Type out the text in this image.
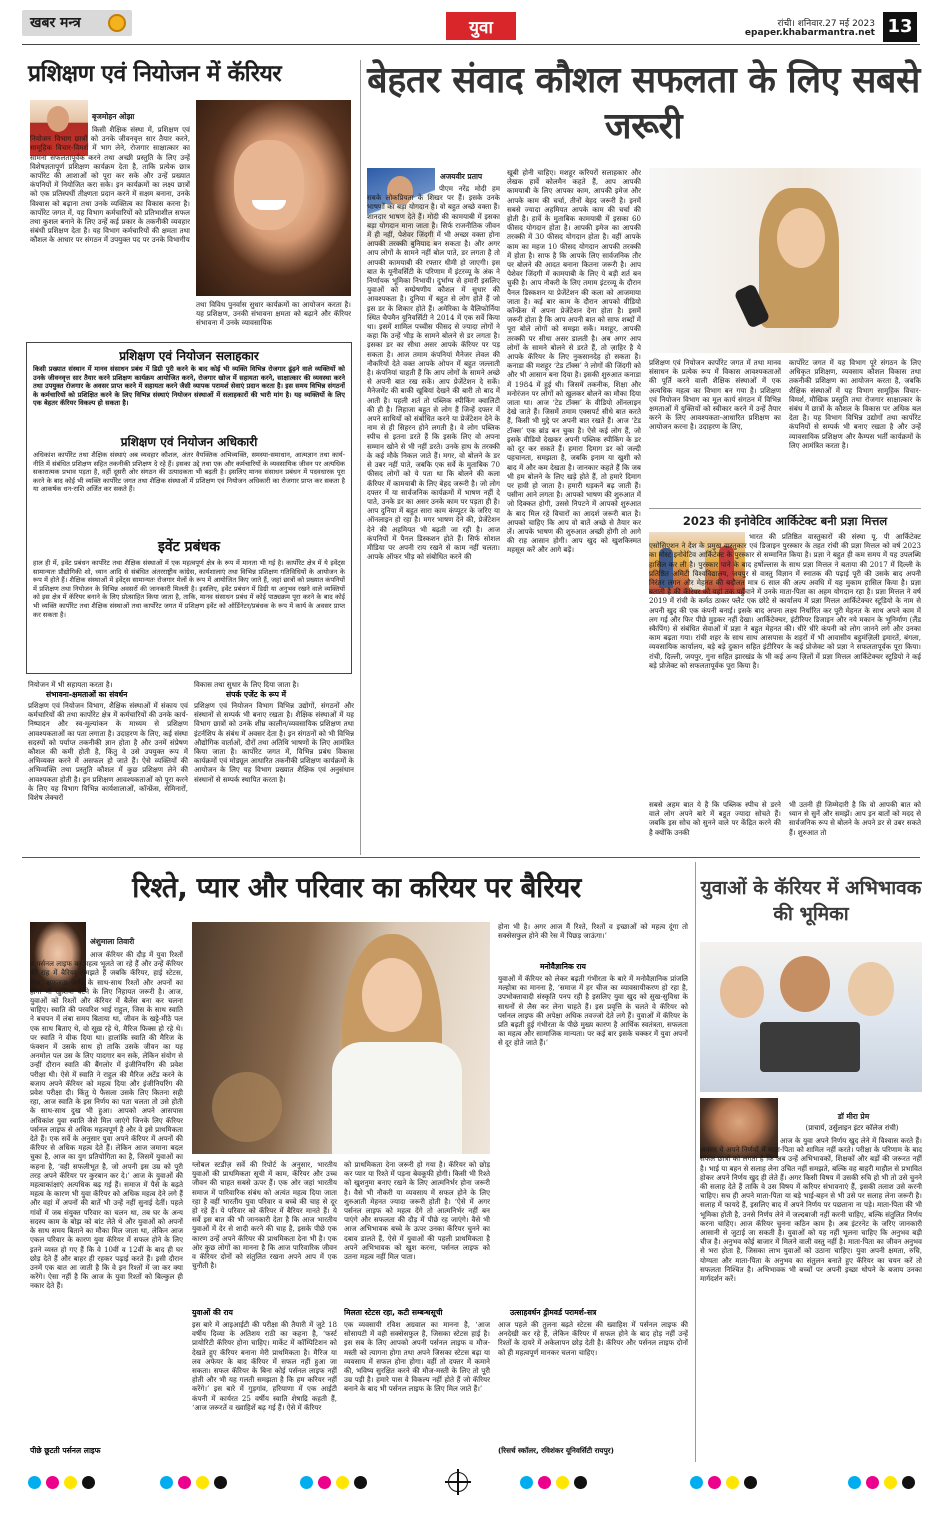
खबर मन्त्र	युवा	रांची। शनिवार.27 मई 2023
epaper.khabarmantra.net 13
प्रशिक्षण एवं नियोजन में कॅरियर
बृजमोहन ओझा
किसी शैक्षिक संस्था में, प्रशिक्षण एवं नियोजन विभाग छात्रों को उनके जीवनवृत्त सार तैयार करने, सामूहिक विचार-विमर्श में भाग लेने, रोजगार साक्षात्कार का सामना सफलतापूर्वक करने तथा अच्छी प्रस्तुति के लिए उन्हें विशेषज्ञतापूर्ण प्रशिक्षण कार्यक्रम देता है, ताकि प्रत्येक छात्र कार्पोरेट की आशाओं को पूरा कर सके और उन्हें प्रख्यात कंपनियों में नियोजित करा सके। इन कार्यक्रमों का लक्ष्य छात्रों को एक प्रतिस्पर्धी तीक्ष्णता प्रदान करने में सक्षम बनाना, उनके विश्वास को बढ़ाना तथा उनके व्यक्तित्व का विकास करना है। कार्पोरेट जगत में, यह विभाग कर्मचारियों को प्रतिभाशील सफल तथा कुशल बनाने के लिए उन्हें कई प्रकार के तकनीकी व्यवहार संबंधी प्रशिक्षण देता है। यह विभाग कर्मचारियों की क्षमता तथा कौशल के आधार पर संगठन में उपयुक्त पद पर उनके विभागीय
तथा विविध पुनर्वास सुधार कार्यक्रमों का आयोजन करता है। यह प्रशिक्षण, उनकी संभावना क्षमता को बढ़ाने और कॅरियर संभावना में उनके व्यावसायिक
प्रशिक्षण एवं नियोजन सलाहकार
किसी प्रख्यात संस्थान में मानव संसाधन प्रबंध में डिग्री पूरी करने के बाद कोई भी व्यक्ति विभिन्न रोजगार ढूंढ़ने वाले व्यक्तियों को उनके जीवनवृत्त सार तैयार करने प्रशिक्षण कार्यक्रम आयोजित करने, रोजगार खोज में सहायता करने, साक्षात्कार की व्यवस्था करने तथा उपयुक्त रोजगार के अवसर प्राप्त करने में सहायता करने जैसी व्यापक परामर्श सेवाएं प्रदान करता है। इस समय विभिन्न संगठनों के कर्मचारियों को प्रशिक्षित करने के लिए विभिन्न संस्थाएं नियोजन संस्थाओं में सलाहकारों की भारी मांग है। यह व्यक्तियों के लिए एक बेहतर कॅरियर विकल्प हो सकता है।
प्रशिक्षण एवं नियोजन अधिकारी
अधिकांश कार्पोरेट तथा शैक्षिक संस्थाएं अब व्यवहार कौशल, अंतर वैयक्तिक अभिव्यक्ति, समस्या-समाधान, आत्मज्ञान तथा कार्य-नीति में संबंधित प्रशिक्षण सहित तकनीकी प्रशिक्षण दे रहे हैं। इसका उद्दे तथा एक और कर्मचारियों के व्यवसायिक जीवन पर अत्यधिक सकारात्मक प्रभाव पड़ता है, वहीं दूसरी ओर संगठन की उत्पादकता भी बढ़ती है। इसलिए मानव संसाधन प्रबंधन में पदवधारक पूरा करने के बाद कोई भी व्यक्ति कार्पोरेट जगत तथा शैक्षिक संस्थाओं में प्रशिक्षण एवं नियोजन अधिकारी का रोजगार प्राप्त कर सकता है या आकर्षक धन-राशि अर्जित कर सकते हैं।
इवेंट प्रबंधक
हाल ही में, इवेंट प्रबंधन कार्पोरेट तथा शैक्षिक संस्थाओं में एक महत्वपूर्ण क्षेत्र के रूप में मानता भी गई है। कार्पोरेट क्षेत्र में ये इवेंट्स सामान्यतः प्रौद्योगिकी शो, ध्यान आदि से संबंधित अंतरराष्ट्रीय कांग्रेस, कार्यशालाएं तथा विभिन्न प्रशिक्षण गतिविधियों के आयोजन के रूप में होते हैं। शैक्षिक संस्थाओं में इवेंट्स सामान्यतः रोजगार मेलों के रूप में आयोजित किए जाते हैं, जहां छात्रों को प्रख्यात कंपनियों में प्रशिक्षण तथा नियोजन के विभिन्न अवसरों की जानकारी मिलती है। इसलिए, इवेंट प्रबंधन में डिग्री या अनुभव रखने वाले व्यक्तियों को इस क्षेत्र में कॅरियर बनाने के लिए प्रोत्साहित किया जाता है, ताकि, मानव संसाधन प्रबंध में कोई पाठ्यक्रम पूरा करने के बाद कोई भी व्यक्ति कार्पोरेट तथा शैक्षिक संस्थाओं तथा कार्पोरेट जगत में प्रशिक्षण इवेंट को ऑर्डिनेटर/प्रबंधक के रूप में कार्य के अवसर प्राप्त कर सकता है।
नियोजन में भी सहायता करता है।
संभावना-क्षमताओं का संवर्धन
प्रशिक्षण एवं नियोजन विभाग, शैक्षिक संस्थाओं में संकाय एवं कर्मचारियों की तथा कार्पोरेट क्षेत्र में कर्मचारियों की उनके कार्य-निष्पादन और स्व-मूल्यांकन के माध्यम से प्रशिक्षण आवश्यकताओं का पता लगाता है। उदाहरण के लिए, कई संस्था सदस्यों को पर्याप्त तकनीकी ज्ञान होता है और उनमें संप्रेषण कौशल की कमी होती है, किंतु वे उसे उपयुक्त रूप में अभिव्यक्त करने में असफल हो जाते हैं। ऐसे व्यक्तियों की अभिव्यक्ति तथा प्रस्तुति कौशल में कुछ प्रशिक्षण लेने की आवश्यकता होती है। इन प्रशिक्षण आवश्यकताओं को पूरा करने के लिए यह विभाग विभिन्न कार्यशालाओं, कॉन्फ्रेंस, सेमिनारों, विशेष लेक्चरों
विकास तथा सुधार के लिए दिया जाता है।
संपर्क एजेंट के रूप में
प्रशिक्षण एवं नियोजन विभाग विभिन्न उद्योगों, संगठनों और संस्थानों से सम्पर्क भी बनाए रखता है। शैक्षिक संस्थाओं में यह विभाग छात्रों को उनके शीघ्र कालीन/व्यवसायिक प्रशिक्षण तथा इंटर्नशिप के संबंध में अवसर देता है। इन संगठनों को भी विभिन्न औद्योगिक वार्ताओं, दौरों तथा अतिथि भाषणों के लिए आमंत्रित किया जाता है। कार्पोरेट जगत में, विभिन्न प्रबंध विकास कार्यक्रमों एवं मोड्यूल आधारित तकनीकी प्रशिक्षण कार्यक्रमों के आयोजन के लिए यह विभाग प्रख्यात शैक्षिक एवं अनुसंधान संस्थानों से सम्पर्क स्थापित करता है।
बेहतर संवाद कौशल सफलता के लिए सबसे जरूरी
अजयवीर प्रताप
पीएम नरेंद्र मोदी हम सबके लोकप्रियता के शिखर पर हैं। इसके उनके भाषणों का बड़ा योगदान है। वो बहुत अच्छे वक्ता हैं। शानदार भाषण देते हैं। मोदी की कामयाबी में इसका बड़ा योगदान माना जाता है। सिर्फ राजनीतिक जीवन में ही नहीं, पेशेवर जिंदगी में भी अच्छा वक्ता होना आपकी तरक्की बुनियाद बन सकता है। और अगर आप लोगों के सामने नहीं बोल पाते, डर लगता है तो आपकी कामयाबी की रफ्तार धीमी हो जाएगी। इस बात के यूनीवर्सिटी के परिणाम में इंटरव्यू के अंक ने निर्णायक भूमिका निभायी। दुर्भाग्य से हमारी इसलिए युवाओं को सम्प्रेषणीय कौशल में सुधार की आवश्यकता है। दुनिया में बहुत से लोग होते हैं जो इस डर के शिकार होते हैं। अमेरिका के वैलिफोर्निया स्थित चैपमैन यूनिवर्सिटी ने 2014 में एक सर्वे किया था। इसमें शामिल पच्चीस फीसद से ज्यादा लोगों ने कहा कि उन्हें भीड़ के सामने बोलने से डर लगता है। इसका डर का सीधा असर आपके कॅरियर पर पड़ सकता है। आज तमाम कंपनियां मैनेजर लेवल की नौकरियों देते वक्त आपके ओपन में बहुत जल्लाती है। कंपनियां चाहती हैं कि आप लोगों के सामने अच्छे से अपनी बात रख सकें। आप प्रेजेंटेशन दे सकें। मैनेजमेंट की बाकी खूबियां देखने की बारी तो बाद में आती है। पहली शर्त तो पब्लिक स्पीकिंग क्वालिटी की ही है। लिहाजा बहुत से लोग हैं जिन्हें दफ्तर में अपने साथियों को संबोधित करने या प्रेजेंटेशन देने के नाम से ही सिहरन होने लगती है। वे लोग पब्लिक स्पीच से इतना डरते हैं कि इसके लिए वो अपना सम्मान खोने से भी नहीं डरते। उनके हाथ के तरक्की के कई मौके निकल जाते हैं। मगर, वो बोलने के डर से उबर नहीं पाते, जबकि एक सर्वे के मुताबिक 70 फीसद लोगों को ये पता था कि बोलने की कला कॅरियर में कामयाबी के लिए बेहद जरूरी है। जो लोग दफ्तर में या सार्वजनिक कार्यक्रमों में भाषण नहीं दे पाते, उनके डर का असर उनके काम पर पड़ता ही है। आप दुनिया में बहुत सारा काम कंप्यूटर के जरिए या ऑनलाइन हो रहा है। मगर भाषण देने की, प्रेजेंटेशन देने की अहमियत भी बढ़ती जा रही है। आज कंपनियों में पैनल डिस्कशन होते हैं। सिर्फ सोशल मीडिया पर अपनी राय रखने से काम नहीं चलता। आपके ऑफर भीड़ को संबोधित करने की
खूबी होनी चाहिए। मशहूर करियरों सलाहकार और लेखक हार्वे कोलमैन कहते हैं, आप आपकी कामयाबी के लिए आपका काम, आपकी इमेज और आपके काम की चर्चा, तीनों बेहद जरूरी है। इनमें सबसे ज्यादा अहमियत आपके काम की चर्चा की होती है। हार्वे के मुताबिक कामयाबी में इसका 60 फीसद योगदान होता है। आपकी इमेज का आपकी तरक्की में 30 फीसद योगदान होता है। वहीं आपके काम का महज 10 फीसद योगदान आपकी तरक्की में होता है। साफ है कि आपके लिए सार्वजनिक तौर पर बोलने की आदत बनाना कितना जरूरी है। आप पेशेवर जिंदगी में कामयाबी के लिए ये बड़ी शर्त बन चुकी है। आप नौकरी के लिए तमाम इंटरव्यू के दौरान पैनल डिस्कशन या प्रेजेंटेशन की कला को आजमाया जाता है। कई बार काम के दौरान आपको वीडियो कॉन्फ्रेंस में अपना प्रेजेंटेशन देना होता है। इसमें जरूरी होता है कि आप अपनी बात को साफ शब्दों में पूरा बोले लोगों को समझा सकें। मशहूर, आपकी तरक्की पर सीधा असर डालती है। अब अगर आप लोगों के सामने बोलने से डरते हैं, तो ज़ाहिर है ये आपके कॅरियर के लिए नुकसानदेह हो सकता है। कनाडा की मशहूर ‘टेड टॉक्स’ ने लोगों की जिंदगी को और भी आसान बना दिया है। इसकी शुरुआत कनाडा में 1984 में हुई थी। जिसमें तकनीक, शिक्षा और मनोरंजन पर लोगों को खुलकर बोलने का मौका दिया जाता था। आज ‘टेड टॉक्स’ के वीडियो ऑनलाइन देखे जाते हैं। जिसमें तमाम एक्सपर्ट सीधे बात करते हैं, किसी भी मुद्दे पर अपनी बात रखते हैं। आज ‘टेड टॉक्स’ एक ब्रांड बन चुका है। ऐसे कई लोग हैं, जो इसके वीडियो देखकर अपनी पब्लिक स्पीकिंग के डर को दूर कर सकते हैं। हमारा दिमाग डर को जल्दी पहचानता, समझता है, जबकि इनाम या खुशी को बाद में और कम देखता है। जानकार कहते हैं कि जब भी हम बोलने के लिए खड़े होते हैं, तो हमारे दिमाग पर हावी हो जाता है। हमारी धड़कनें बढ़ जाती हैं। पसीना आने लगता है। आपको भाषण की शुरुआत में जो दिक्कत होगी, उससे निपटने में आपको शुरुआत के बाद मिल रहे विचारों का आदर्श जरूरी बात है। आपको चाहिए कि आप वो बातें अच्छे से तैयार कर लें। आपके भाषण की शुरुआत अच्छी होगी तो आगे की राह आसान होगी। आप खुद को खुशकिस्मत महसूस करें और आगे बढ़ें।
प्रशिक्षण एवं नियोजन कार्पोरेट जगत में तथा मानव संसाधन के प्रत्येक रूप में विकास आवश्यकताओं की पूर्ति करने वाली शैक्षिक संस्थाओं में एक अत्यधिक महत्व का विभाग बन गया है। प्रशिक्षण एवं नियोजन विभाग का मूल कार्य संगठन में विभिन्न क्षमताओं में युक्तियों को स्वीकार करने में उन्हें तैयार करने के लिए आवश्यकता-आधारित प्रशिक्षण का आयोजन करना है। उदाहरण के लिए,
कार्पोरेट जगत में यह विभाग पूरे संगठन के लिए अधिकृत प्रशिक्षण, व्यवसाय कौशल विकास तथा तकनीकी प्रशिक्षण का आयोजन करता है, जबकि शैक्षिक संस्थाओं में यह विभाग सामूहिक विचार-विमर्श, मौखिक प्रस्तुति तथा रोजगार साक्षात्कार के संबंध में छात्रों के कौशल के विकास पर अधिक बल देता है। यह विभाग विभिन्न उद्योगों तथा कार्पोरेट कंपनियों से सम्पर्क भी बनाए रखता है और उन्हें व्यावसायिक प्रशिक्षण और कैम्पस भर्ती कार्यक्रमों के लिए आमंत्रित करता है।
2023 की इनोवेटिव आर्किटेक्ट बनी प्रज्ञा मित्तल
भारत की प्रतिष्ठित वास्तुकारों की संस्था यू. पी आर्किटेक्ट एसोसिएशन ने देश के प्रमुख वास्तुकार एवं डिजाइन पुरस्कार के तहत रांची की प्रज्ञा मित्तल को वर्ष 2023 का मोस्ट इनोवेटिव आर्किटेक्ट के पुरस्कार से सम्मानित किया है। प्रज्ञा ने बहुत ही कम समय में यह उपलब्धि हासिल कर ली है। पुरस्कार पाने के बाद हर्षोल्लास के साथ प्रज्ञा मित्तल ने बताया की 2017 में दिल्ली के प्रतिष्ठित अमिटी विश्वविद्यालय, जयपुर से वास्तु विज्ञान में स्नातक की पढ़ाई पूरी की उसके बाद अपनी निरंतर लगन और मेहनत की बदौलत मात्र 6 साल की अल्प अवधि में यह मुकाम हासिल किया है। प्रज्ञा बताती है की कॅरियर को यहां तक पहुँचाने में उनके माता-पिता का अहम योगदान रहा है। प्रज्ञा मित्तल ने वर्ष 2019 में रांची के कर्मठ ठाकर फ्लैट एक छोटे से कार्यालय में प्रज्ञा मित्तल आर्किटेक्चर स्टूडियो के नाम से अपनी खुद की एक कंपनी बनाई। इसके बाद अपना लक्ष्य निर्धारित कर पूरी मेहनत के साथ अपने काम में लग गई और फिर पीछे मुड़कर नहीं देखा। आर्किटेक्चर, इंटीरियर डिजाइन और नये मकान के भूनिर्माण (लैंड स्कैपिंग) से संबंधित सेवाओं में प्रज्ञा ने बहुत मेहनत की। धीरे धीरे कंपनी को लोग जानने लगे और उनका काम बढ़ता गया। रांची शहर के साथ साथ आसपास के शहरों में भी आवासीय बहुमंज़िली इमारतें, बंगला, व्यवसायिक कार्यालय, बड़े बड़े दुकान सहित इंटीरियर के कई प्रोजेक्ट को प्रज्ञा ने सफलतापूर्वक पूरा किया। रांची, दिल्ली, जयपुर, गुना सहित झारखंड के भी कई अन्य ज़िलों में प्रज्ञा मित्तल आर्किटेक्चर स्टूडियो ने कई बड़े प्रोजेक्ट को सफलतापूर्वक पूरा किया है।
सबसे अहम बात ये है कि पब्लिक स्पीच से डरने वाले लोग अपने बारे में बहुत ज्यादा सोचते हैं। जबकि इस सोच को सुनने वाले पर केंद्रित करने की है क्योंकि उनकी
भी उतनी ही जिम्मेदारी है कि वो आपकी बात को ध्यान से सुनें और समझें। आप इन बातों को मदद से सार्वजनिक रूप से बोलने के अपने डर से उबर सकते हैं। शुरुआत तो
रिश्ते, प्यार और परिवार का करियर पर बैरियर
अंशुमाला तिवारी
आज कॅरियर की दौड़ में युवा रिश्तों व पर्सनल लाइफ का महत्व भूलते जा रहे हैं और उन्हें कॅरियर की राह में बैरियर समझते हैं जबकि कॅरियर, हाई स्टेटस, पैसा, सफलता आदि के साथ-साथ रिश्तों और अपनों का होना भी खुशियां बंटने के लिए निहायत जरूरी है। आज, युवाओं को रिश्तों और कॅरियर में बैलेंस बना कर चलना चाहिए। स्वाति की परवरिश भाई राहुल, जिस के साथ स्वाति ने बचपन में लंबा समय बिताया था, जीवन के खट्टे-मीठे पल एक साथ बिताए थे, वो सूख़ रहे थे, मैरिज फिक्स हो रहे थे। पर स्वाति ने वीक दिया था। हालांकि स्वाति की मैरिज के फंक्शन में उसके साथ हो ताकि उसके जीवन का यह अनमोल पल उस के लिए यादगार बन सके, लेकिन संयोग से उन्हीं दौरान स्वाति की बैंगलोर में इंजीनियरिंग की प्रवेश परीक्षा थी। ऐसे में स्वाति ने राहुल की मैरिज अटेंड करने के बजाय अपने कॅरियर को महत्व दिया और इंजीनियरिंग की प्रवेश परीक्षा दी। किंतु ये फैसला उसके लिए कितना सही रहा, आज स्वाति के इस निर्णय का पता चलता तो उसे होती के साथ-साथ दुख भी हुआ। आपको अपने आसपास अधिकांश युवा स्वाति जैसे मिल जाएंगे जिनके लिए कॅरियर पर्सनल लाइफ से अधिक महत्वपूर्ण है और वे इसे प्राथमिकता देते हैं। एक सर्वे के अनुसार युवा अपने कॅरियर में अपनों की कॅरियर से अधिक महत्व देते हैं। लेकिन आज जमाना बदल चुका है, आज का युग प्रतियोगिता का है, जिसमें युवाओं का कहना है, ‘वही सफलीभूत है, जो अपनी इस उम्र को पूरी तरह अपने कॅरियर पर कुरबान कर दे।’ आज के युवाओं की महत्वाकांक्षाएं अत्यधिक बढ़ गई हैं। समाज में पैसे के बढ़ते महत्व के कारण भी युवा कॅरियर को अधिक महत्व देने लगे हैं और वहां में अपनों की बातें भी उन्हें नहीं सुनाई देतीं। पहले गांवों में जब संयुक्त परिवार का चलन था, तब घर के अन्य सदस्य काम के बोझ को बांट लेते थे और युवाओं को अपनों के साथ समय बिताने का मौका मिल जाता था, लेकिन आज एकल परिवार के कारण युवा कॅरियर में सफल होने के लिए इतने व्यस्त हो गए हैं कि वे 10वीं व 12वीं के बाद ही घर छोड़ देते हैं और बाहर ही रहकर पढ़ाई करते हैं। इसी दौरान उनमें एक बात आ जाती है कि वे इन रिश्तों में जा कर क्या करेंगे। ऐसा नहीं है कि आज के युवा रिश्तों को बिल्कुल ही नकार देते हैं।
पीछे छूटती पर्सनल लाइफ
ग्लोबल स्टडीज़ सर्वे की रिपोर्ट के अनुसार, भारतीय युवाओं की प्राथमिकता सूची में काम, कॅरियर और उच्च जीवन की चाहत सबसे ऊपर हैं। एक ओर जहां भारतीय समाज में पारिवारिक संबंध को अत्यंत महत्व दिया जाता रहा है वहीं भारतीय युवा परिवार व बच्चे की चाह से दूर हो रहे हैं। ये परिवार को कॅरियर में बैरियर मानते हैं। ये सर्वे इस बात की भी जानकारी देता है कि आज भारतीय युवाओं में देर से शादी करने की चाह है, इसके पीछे एक कारण उन्हें अपने कॅरियर की प्राथमिकता देना भी है। एक ओर कुछ लोगों का मानना है कि आज पारिवारिक जीवन व कॅरियर दोनों को संतुलित रखना अपने आप में एक चुनौती है।
युवाओं की राय
इस बारे में आइआईटी की परीक्षा की तैयारी में जुटे 18 वर्षीय दिव्या के अतिशय राठी का कहना है, ‘फर्स्ट प्रायोरिटी कॅरियर होना चाहिए। मार्केट में कॉम्पिटिशन को देखते हुए कॅरियर बनाना मेरी प्राथमिकता है। मैरिज या लव अफेयर के बाद कॅरियर में सफल नहीं हुआ जा सकता। सफल कॅरियर के बिना कोई पर्सनल लाइफ नहीं होती और भी यह गलती समझता है कि हम करियर नहीं करेंगे।’ इस बारे में गुड़गांव, हरियाणा में एक आईटी कंपनी में कार्यरत 25 वर्षीय स्वाति शेषाद्रि कहती हैं, ‘आज जरूरतें व ख्वाहिशें बढ़ गई हैं। ऐसे में कॅरियर
को प्राथमिकता देना जरूरी हो गया है। कॅरियर को छोड़ कर प्यार या रिश्ते में पड़ना बेवकूफी होगी। किसी भी रिश्ते को खुशनुमा बनाए रखने के लिए आत्मनिर्भर होना जरूरी है। वैसे भी नौकरी या व्यवसाय में सफल होने के लिए शुरुआती मेहनत ज्यादा जरूरी होती है। ‘ऐसे में अगर पर्सनल लाइफ को महत्व देंगे तो आत्मनिर्भर नहीं बन पाएंगे और सफलता की दौड़ में पीछे रह जाएंगे। वैसे भी आज अभिभावक बच्चे के ऊपर उनका कॅरियर चुनने का दबाव डालते हैं, ऐसे में युवाओं की पहली प्राथमिकता है अपने अभिभावक को खुश करना, पर्सनल लाइफ को उतना महत्व नहीं मिल पाता।
मिलता स्टेटस रहा, कटी सम्बन्धसूची
एक व्यवसायी रविश अग्रवाल का मानना है, ‘आज सोसायटी में वही सक्सेसफुल है, जिसका स्टेटस हाई है। इस सब के लिए आपको अपनी पर्सनल लाइफ व मौज-मस्ती को त्यागना होगा तथा अपने जिसका स्टेटस बढ़ा या व्यवसाय में सफल होना होगा। वहीं तो दफ्तर में कमाने की, भविष्य सुरक्षित करने की मौज-मस्ती के लिए तो पूरी उम्र पड़ी है। हमारे पास वे विकल्प नहीं होते हैं जो कॅरियर बनाने के बाद भी पर्सनल लाइफ के लिए मिल जाते हैं।’
होना भी है। अगर आज मैं रिश्ते, रिश्तों व इच्छाओं को महत्व दूंगा तो सक्सेसफुल होने की रेस में पिछड़ जाऊंगा।’
मनोवैज्ञानिक राय
युवाओं में कॅरियर को लेकर बढ़ती गंभीरता के बारे में मनोवैज्ञानिक प्रांजलि मल्होत्रा का मानना है, ‘समाज में हर चीज का व्यावसायीकरण हो रहा है, उपभोक्तावादी संस्कृति पनप रही है इसलिए युवा खुद को सुख-सुविधा के साधनों से लैस कर लेना चाहते हैं। इस प्रवृत्ति के चलते वे कॅरियर को पर्सनल लाइफ की अपेक्षा अधिक तवज्जो देते लगे हैं। युवाओं में कॅरियर के प्रति बढ़ती हुई गंभीरता के पीछे मुख्य कारण है आर्थिक स्वतंत्रता, सफलता का महत्व और सामाजिक मान्यता। पर कई बार इसके चक्कर में युवा अपनों से दूर होते जाते हैं।’
उत्साहवर्धन ड्रीमवर्ड परामर्श-सत्र
आज पहले की तुलना बढ़ते स्टेटस की ख्वाहिश में पर्सनल लाइफ की अनदेखी कर रहे हैं, लेकिन कॅरियर में सफल होने के बाद होड़ नहीं उन्हें रिश्तों के दायरे में अकेलापन छोड़ देती है। कॅरियर और पर्सनल लाइफ दोनों को ही महत्वपूर्ण मानकर चलना चाहिए।
(रिसर्च स्कॉलर, रविशंकर यूनिवर्सिटी रायपुर)
युवाओं के कॅरियर में अभिभावक की भूमिका
डॉ मीरा प्रेम
(प्राचार्य, उर्सुलाइन इंटर कॉलेज रांची)
आज के युवा अपने निर्णय खुद लेने में विश्वास करते हैं। अक्सर ये अपने निर्णयों में माता-पिता को शामिल नहीं करते। परीक्षा के परिणाम के बाद सफल छात्रों को लगता है कि अब उन्हें अभिभावकों, शिक्षकों और बड़ों की जरूरत नहीं है। भाई या बहन से सलाह लेना उचित नहीं समझते, बल्कि वह बाहरी माहौल से प्रभावित होकर अपने निर्णय खुद ही लेते हैं। अगर किसी विषय में उसकी रुचि हो भी तो उसे चुनने की सलाह देते हैं ताकि वे उस विषय में करियर संभावनाएं हैं, इसकी तलाश उसे करनी चाहिए। सच ही अपने माता-पिता या बड़े भाई-बहन से भी उसे पर सलाह लेना जरूरी है। सलाह में फायदे हैं, इसलिए बाद में अपने निर्णय पर पछताना ना पड़े। माता-पिता की भी भूमिका होती है, उनसे निर्णय लेने में जल्दबाजी नहीं करनी चाहिए, बल्कि संतुलित निर्णय करना चाहिए। आज कॅरियर चुनना कठिन काम है। अब इंटरनेट के जरिए जानकारी आसानी से जुटाई जा सकती है। युवाओं को यह नहीं भूलना चाहिए कि अनुभव बड़ी चीज है। अनुभव कोई बाजार में मिलने वाली वस्तु नहीं है। माता-पिता का जीवन अनुभव से भरा होता है, जिसका लाभ युवाओं को उठाना चाहिए। युवा अपनी क्षमता, रुचि, योग्यता और माता-पिता के अनुभव का संतुलन बनाते हुए कॅरियर का चयन करें तो सफलता निश्चित है। अभिभावक भी बच्चों पर अपनी इच्छा थोपने के बजाय उनका मार्गदर्शन करें।
